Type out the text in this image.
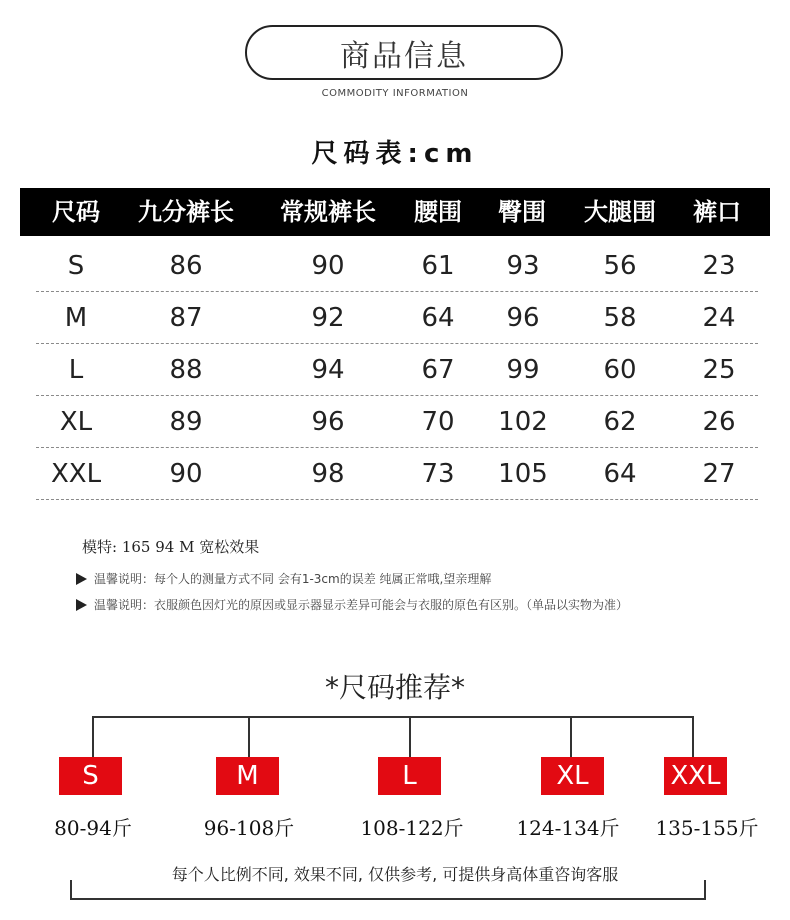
商品信息
COMMODITY INFORMATION
尺码表:cm
尺码 九分裤长 常规裤长 腰围 臀围 大腿围 裤口
S	86	90	61 93 56	23
M	87	92	64 96 58	24
L	88	94	67 99 60	25
XL	89	96	70 102 62	26
XXL	90	98	73 105 64	27
模特: 165 94 M 宽松效果
温馨说明：每个人的测量方式不同 会有1-3cm的误差 纯属正常哦,望亲理解
温馨说明：衣服颜色因灯光的原因或显示器显示差异可能会与衣服的原色有区别。（单品以实物为准）
*尺码推荐*
S	M	L	XL	XXL
80-94斤	96-108斤	108-122斤	124-134斤 135-155斤
每个人比例不同, 效果不同, 仅供参考, 可提供身高体重咨询客服
